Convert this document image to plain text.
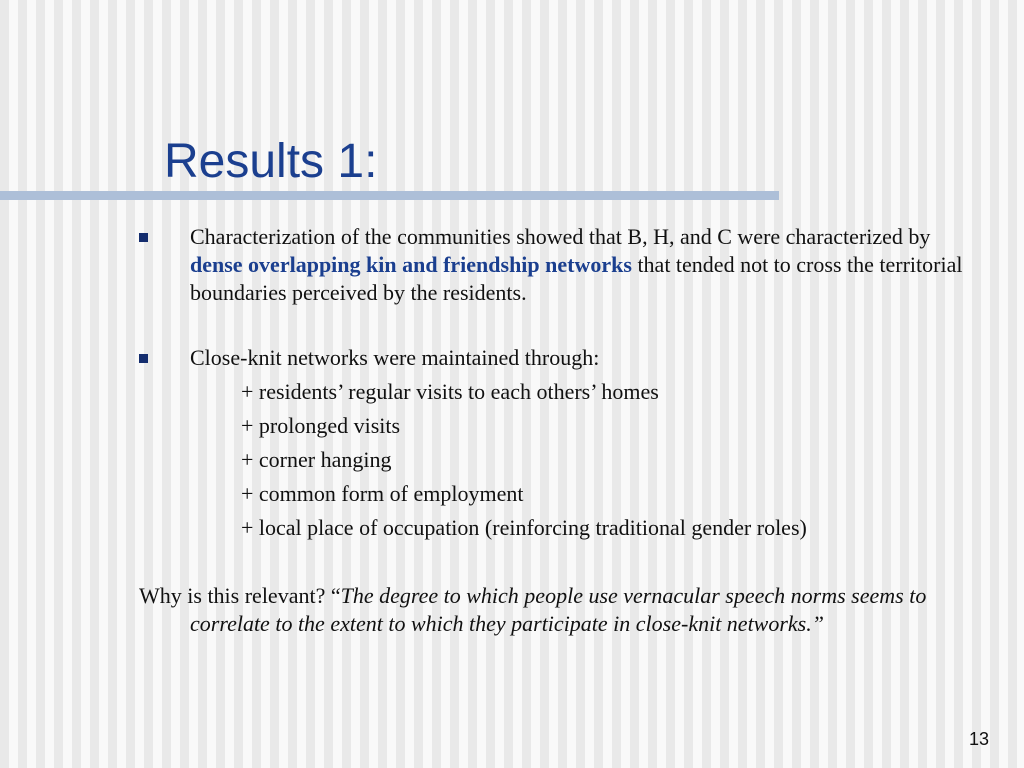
Results 1:

Characterization of the communities showed that B, H, and C were characterized by dense overlapping kin and friendship networks that tended not to cross the territorial boundaries perceived by the residents.

Close-knit networks were maintained through:

+ residents’ regular visits to each others’ homes

+ prolonged visits

+ corner hanging

+ common form of employment

+ local place of occupation (reinforcing traditional gender roles)

Why is this relevant? “The degree to which people use vernacular speech norms seems to correlate to the extent to which they participate in close-knit networks.”

13
